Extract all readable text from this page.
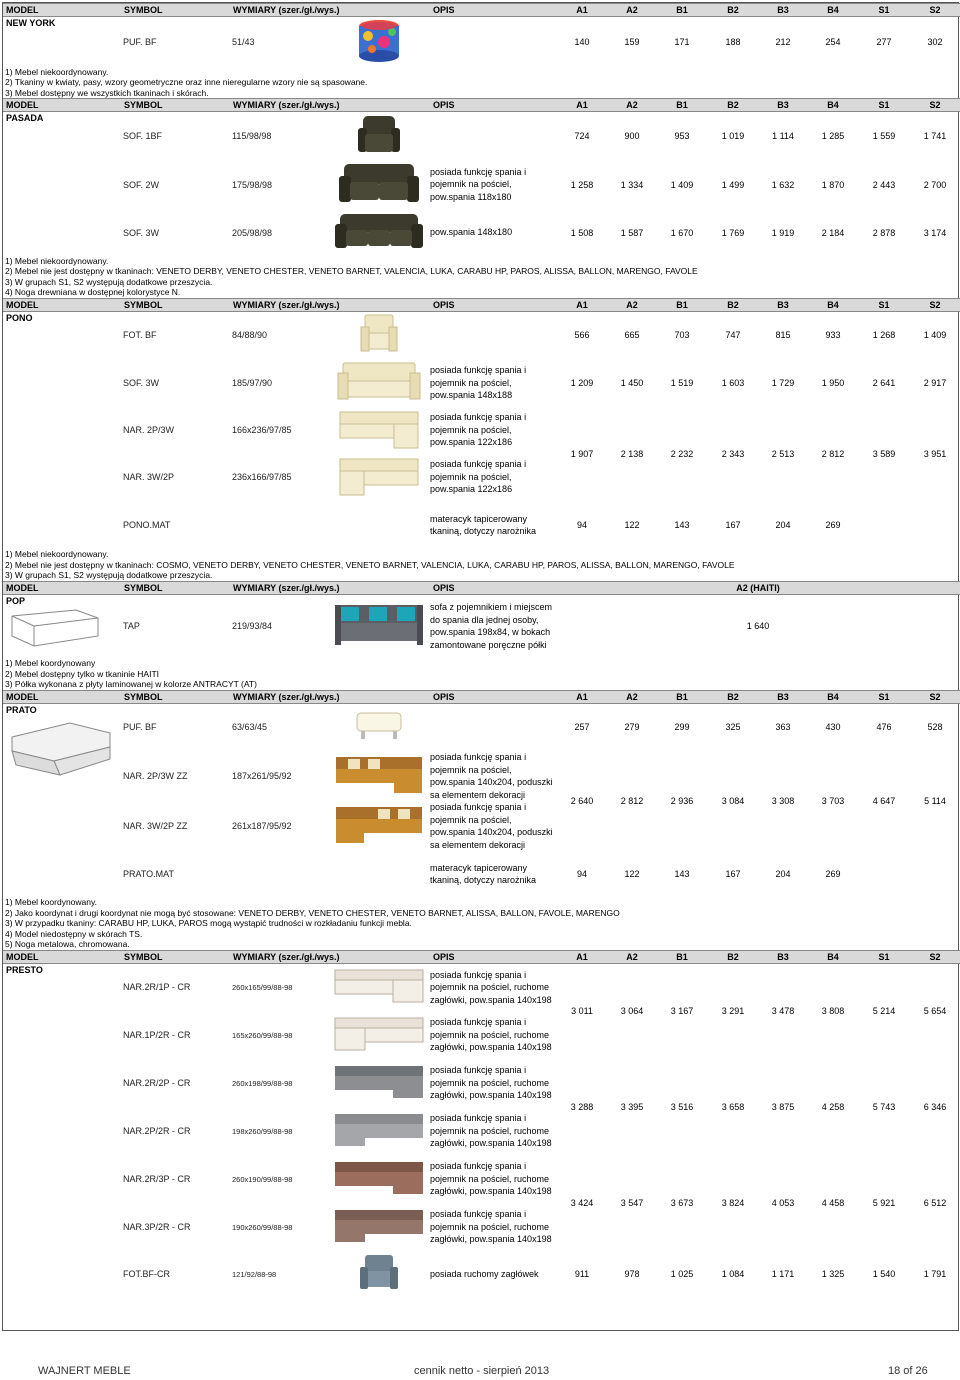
MODEL	SYMBOL	WYMIARY (szer./gł./wys.)		OPIS	A1	A2	B1	B2	B3	B4	S1	S2
NEW YORK	PUF. BF	51/43			140	159	171	188	212	254	277	302
1) Mebel niekoordynowany.												
2) Tkaniny w kwiaty, pasy, wzory geometryczne oraz inne nieregularne wzory nie są spasowane.												
3) Mebel dostępny we wszystkich tkaninach i skórach.												
MODEL	SYMBOL	WYMIARY (szer./gł./wys.)		OPIS	A1	A2	B1	B2	B3	B4	S1	S2
PASADA	SOF. 1BF	115/98/98			724	900	953	1 019	1 114	1 285	1 559	1 741
	SOF. 2W	175/98/98		posiada funkcję spania i pojemnik na pościel, pow.spania 118x180	1 258	1 334	1 409	1 499	1 632	1 870	2 443	2 700
	SOF. 3W	205/98/98		pow.spania 148x180	1 508	1 587	1 670	1 769	1 919	2 184	2 878	3 174
1) Mebel niekoordynowany.												
2) Mebel nie jest dostępny w tkaninach: VENETO DERBY, VENETO CHESTER, VENETO BARNET, VALENCIA, LUKA, CARABU HP, PAROS, ALISSA, BALLON, MARENGO, FAVOLE												
3) W grupach S1, S2 występują dodatkowe przeszycia.												
4) Noga drewniana w dostępnej kolorystyce N.												
MODEL	SYMBOL	WYMIARY (szer./gł./wys.)		OPIS	A1	A2	B1	B2	B3	B4	S1	S2
PONO	FOT. BF	84/88/90			566	665	703	747	815	933	1 268	1 409
	SOF. 3W	185/97/90		posiada funkcję spania i pojemnik na pościel, pow.spania 148x188	1 209	1 450	1 519	1 603	1 729	1 950	2 641	2 917
	NAR. 2P/3W	166x236/97/85		posiada funkcję spania i pojemnik na pościel, pow.spania 122x186	1 907	2 138	2 232	2 343	2 513	2 812	3 589	3 951
	NAR. 3W/2P	236x166/97/85		posiada funkcję spania i pojemnik na pościel, pow.spania 122x186								
	PONO.MAT			materacyk tapicerowany tkaniną, dotyczy narożnika	94	122	143	167	204	269		
1) Mebel niekoordynowany.												
2) Mebel nie jest dostępny w tkaninach: COSMO, VENETO DERBY, VENETO CHESTER, VENETO BARNET, VALENCIA, LUKA, CARABU HP, PAROS, ALISSA, BALLON, MARENGO, FAVOLE												
3) W grupach S1, S2 występują dodatkowe przeszycia.												
MODEL	SYMBOL	WYMIARY (szer./gł./wys.)		OPIS	A2 (HAITI)							

POP	TAP	219/93/84		sofa z pojemnikiem i miejscem do spania dla jednej osoby, pow.spania 198x84, w bokach zamontowane poręczne półki	1 640							
1) Mebel koordynowany												
2) Mebel dostępny tylko w tkaninie HAITI												
3) Półka wykonana z płyty laminowanej w kolorze ANTRACYT (AT)												
MODEL	SYMBOL	WYMIARY (szer./gł./wys.)		OPIS	A1	A2	B1	B2	B3	B4	S1	S2

PRATO	PUF. BF	63/63/45			257	279	299	325	363	430	476	528
	NAR. 2P/3W ZZ	187x261/95/92		posiada funkcję spania i pojemnik na pościel, pow.spania 140x204, poduszki sa elementem dekoracji	2 640	2 812	2 936	3 084	3 308	3 703	4 647	5 114
	NAR. 3W/2P ZZ	261x187/95/92		posiada funkcję spania i pojemnik na pościel, pow.spania 140x204, poduszki sa elementem dekoracji								
	PRATO.MAT			materacyk tapicerowany tkaniną, dotyczy narożnika	94	122	143	167	204	269		
1) Mebel koordynowany.												
2) Jako koordynat i drugi koordynat nie mogą być stosowane: VENETO DERBY, VENETO CHESTER, VENETO BARNET, ALISSA, BALLON, FAVOLE, MARENGO												
3) W przypadku tkaniny: CARABU HP, LUKA, PAROS mogą wystąpić trudności w rozkładaniu funkcji mebla.												
4) Model niedostępny w skórach TS.												
5) Noga metalowa, chromowana.												
MODEL	SYMBOL	WYMIARY (szer./gł./wys.)		OPIS	A1	A2	B1	B2	B3	B4	S1	S2
PRESTO	NAR.2R/1P - CR	260x165/99/88-98		posiada funkcję spania i pojemnik na pościel, ruchome zagłówki, pow.spania 140x198	3 011	3 064	3 167	3 291	3 478	3 808	5 214	5 654
	NAR.1P/2R - CR	165x260/99/88-98		posiada funkcję spania i pojemnik na pościel, ruchome zagłówki, pow.spania 140x198								
	NAR.2R/2P - CR	260x198/99/88-98		posiada funkcję spania i pojemnik na pościel, ruchome zagłówki, pow.spania 140x198	3 288	3 395	3 516	3 658	3 875	4 258	5 743	6 346
	NAR.2P/2R - CR	198x260/99/88-98		posiada funkcję spania i pojemnik na pościel, ruchome zagłówki, pow.spania 140x198								
	NAR.2R/3P - CR	260x190/99/88-98		posiada funkcję spania i pojemnik na pościel, ruchome zagłówki, pow.spania 140x198	3 424	3 547	3 673	3 824	4 053	4 458	5 921	6 512
	NAR.3P/2R - CR	190x260/99/88-98		posiada funkcję spania i pojemnik na pościel, ruchome zagłówki, pow.spania 140x198								
	FOT.BF-CR	121/92/88-98		posiada ruchomy zagłówek	911	978	1 025	1 084	1 171	1 325	1 540	1 791
WAJNERT MEBLE	cennik netto - sierpień 2013	18 of 26
